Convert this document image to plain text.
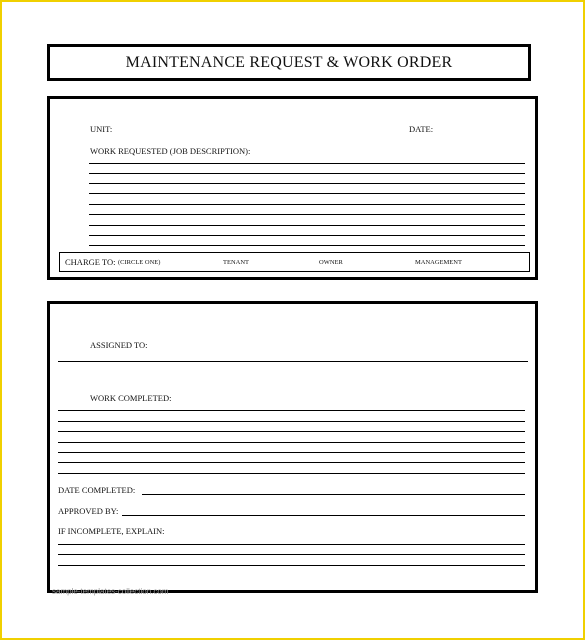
MAINTENANCE REQUEST & WORK ORDER
UNIT:	DATE:
WORK REQUESTED (JOB DESCRIPTION):
CHARGE TO: (CIRCLE ONE)	TENANT	OWNER	MANAGEMENT
ASSIGNED TO:
WORK COMPLETED:
DATE COMPLETED:
APPROVED BY:
IF INCOMPLETE, EXPLAIN:
sample-templates-collection.com
